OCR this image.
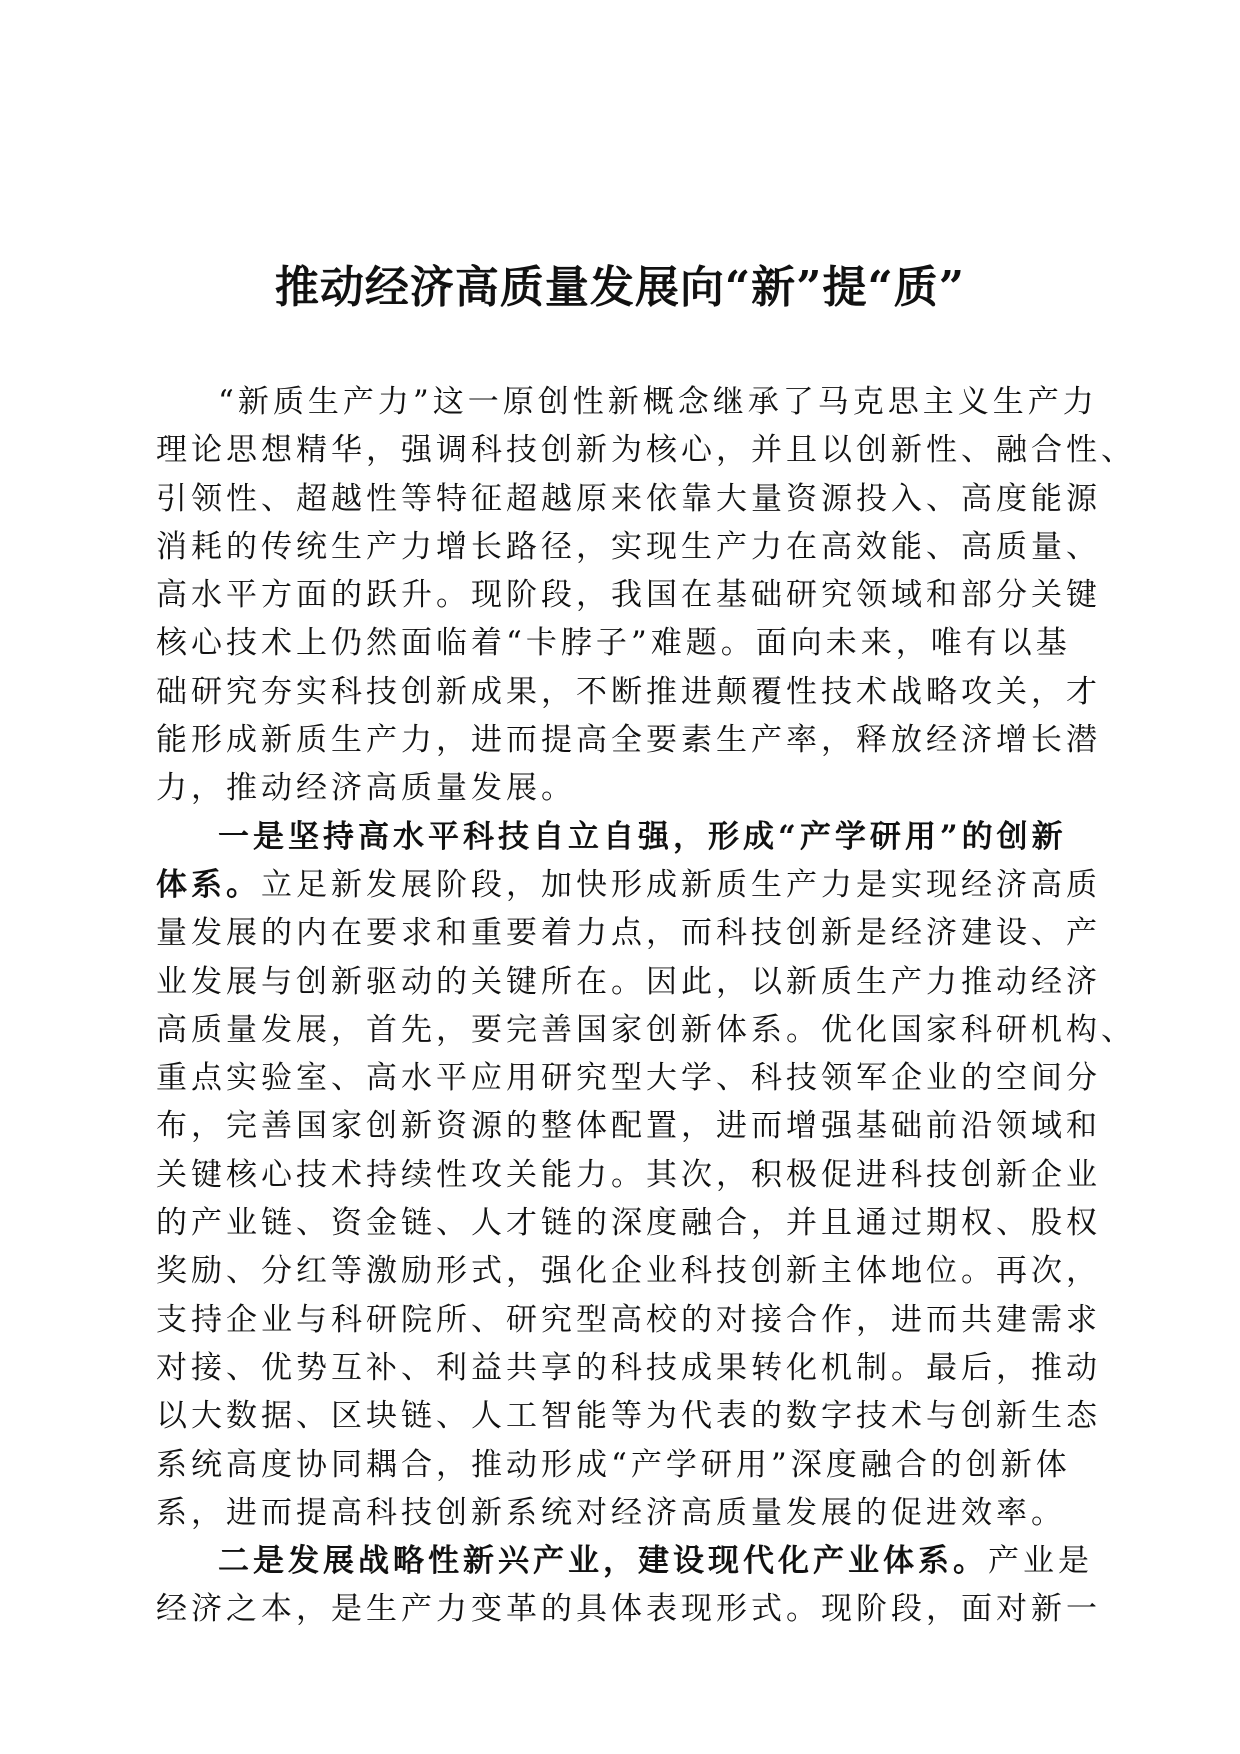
推动经济高质量发展向“新”提“质”
“新质生产力”这一原创性新概念继承了马克思主义生产力
理论思想精华，强调科技创新为核心，并且以创新性、融合性、
引领性、超越性等特征超越原来依靠大量资源投入、高度能源
消耗的传统生产力增长路径，实现生产力在高效能、高质量、
高水平方面的跃升。现阶段，我国在基础研究领域和部分关键
核心技术上仍然面临着“卡脖子”难题。面向未来，唯有以基
础研究夯实科技创新成果，不断推进颠覆性技术战略攻关，才
能形成新质生产力，进而提高全要素生产率，释放经济增长潜
力，推动经济高质量发展。
一是坚持高水平科技自立自强，形成“产学研用”的创新
体系。立足新发展阶段，加快形成新质生产力是实现经济高质
量发展的内在要求和重要着力点，而科技创新是经济建设、产
业发展与创新驱动的关键所在。因此，以新质生产力推动经济
高质量发展，首先，要完善国家创新体系。优化国家科研机构、
重点实验室、高水平应用研究型大学、科技领军企业的空间分
布，完善国家创新资源的整体配置，进而增强基础前沿领域和
关键核心技术持续性攻关能力。其次，积极促进科技创新企业
的产业链、资金链、人才链的深度融合，并且通过期权、股权
奖励、分红等激励形式，强化企业科技创新主体地位。再次，
支持企业与科研院所、研究型高校的对接合作，进而共建需求
对接、优势互补、利益共享的科技成果转化机制。最后，推动
以大数据、区块链、人工智能等为代表的数字技术与创新生态
系统高度协同耦合，推动形成“产学研用”深度融合的创新体
系，进而提高科技创新系统对经济高质量发展的促进效率。
二是发展战略性新兴产业，建设现代化产业体系。产业是
经济之本，是生产力变革的具体表现形式。现阶段，面对新一
